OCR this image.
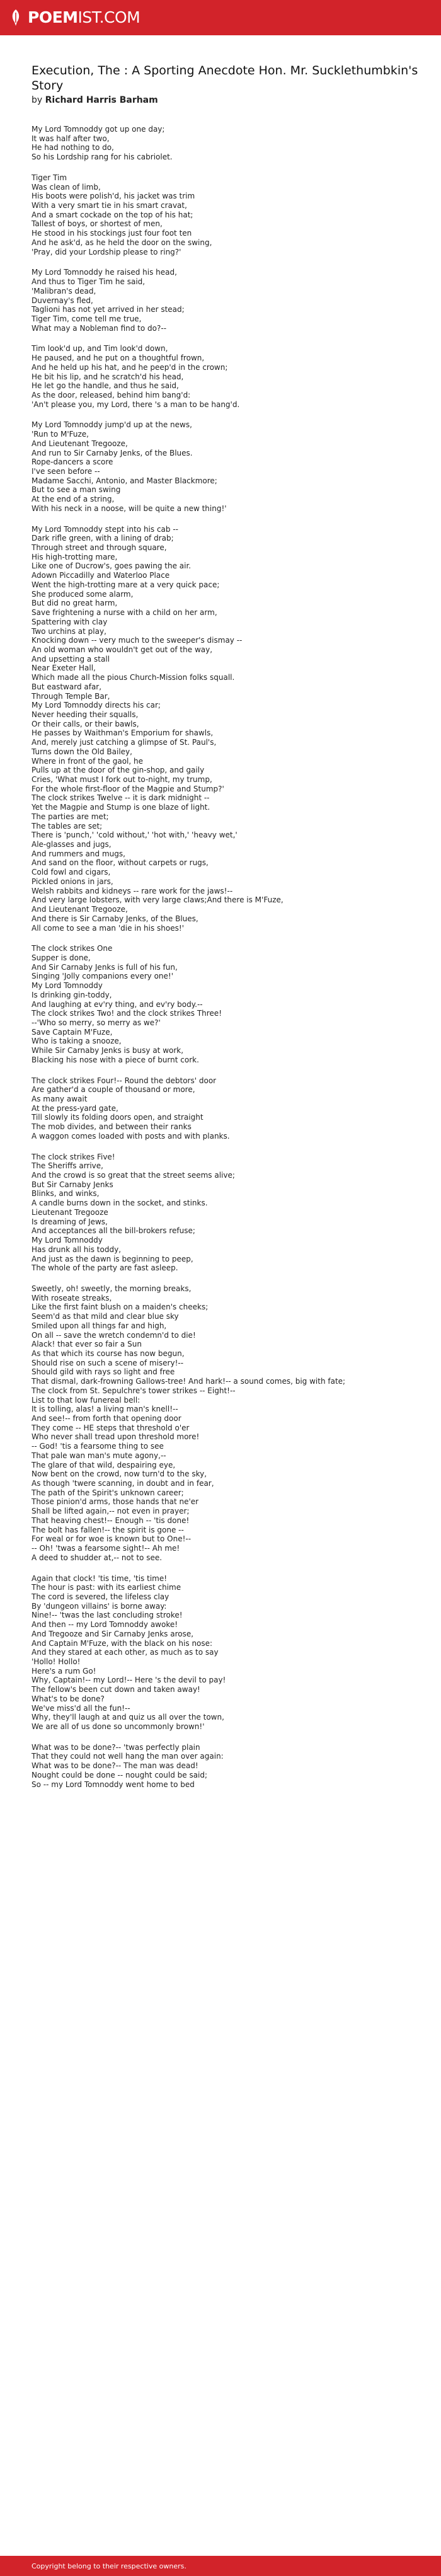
POEMIST.COM
Execution, The : A Sporting Anecdote Hon. Mr. Sucklethumbkin's Story
by Richard Harris Barham
My Lord Tomnoddy got up one day;
It was half after two,
He had nothing to do,
So his Lordship rang for his cabriolet.
Tiger Tim
Was clean of limb,
His boots were polish'd, his jacket was trim
With a very smart tie in his smart cravat,
And a smart cockade on the top of his hat;
Tallest of boys, or shortest of men,
He stood in his stockings just four foot ten
And he ask'd, as he held the door on the swing,
'Pray, did your Lordship please to ring?'
My Lord Tomnoddy he raised his head,
And thus to Tiger Tim he said,
'Malibran's dead,
Duvernay's fled,
Taglioni has not yet arrived in her stead;
Tiger Tim, come tell me true,
What may a Nobleman find to do?--
Tim look'd up, and Tim look'd down,
He paused, and he put on a thoughtful frown,
And he held up his hat, and he peep'd in the crown;
He bit his lip, and he scratch'd his head,
He let go the handle, and thus he said,
As the door, released, behind him bang'd:
'An't please you, my Lord, there 's a man to be hang'd.
My Lord Tomnoddy jump'd up at the news,
'Run to M'Fuze,
And Lieutenant Tregooze,
And run to Sir Carnaby Jenks, of the Blues.
Rope-dancers a score
I've seen before --
Madame Sacchi, Antonio, and Master Blackmore;
But to see a man swing
At the end of a string,
With his neck in a noose, will be quite a new thing!'
My Lord Tomnoddy stept into his cab --
Dark rifle green, with a lining of drab;
Through street and through square,
His high-trotting mare,
Like one of Ducrow's, goes pawing the air.
Adown Piccadilly and Waterloo Place
Went the high-trotting mare at a very quick pace;
She produced some alarm,
But did no great harm,
Save frightening a nurse with a child on her arm,
Spattering with clay
Two urchins at play,
Knocking down -- very much to the sweeper's dismay --
An old woman who wouldn't get out of the way,
And upsetting a stall
Near Exeter Hall,
Which made all the pious Church-Mission folks squall.
But eastward afar,
Through Temple Bar,
My Lord Tomnoddy directs his car;
Never heeding their squalls,
Or their calls, or their bawls,
He passes by Waithman's Emporium for shawls,
And, merely just catching a glimpse of St. Paul's,
Turns down the Old Bailey,
Where in front of the gaol, he
Pulls up at the door of the gin-shop, and gaily
Cries, 'What must I fork out to-night, my trump,
For the whole first-floor of the Magpie and Stump?'
The clock strikes Twelve -- it is dark midnight --
Yet the Magpie and Stump is one blaze of light.
The parties are met;
The tables are set;
There is 'punch,' 'cold without,' 'hot with,' 'heavy wet,'
Ale-glasses and jugs,
And rummers and mugs,
And sand on the floor, without carpets or rugs,
Cold fowl and cigars,
Pickled onions in jars,
Welsh rabbits and kidneys -- rare work for the jaws!--
And very large lobsters, with very large claws;And there is M'Fuze,
And Lieutenant Tregooze,
And there is Sir Carnaby Jenks, of the Blues,
All come to see a man 'die in his shoes!'
The clock strikes One
Supper is done,
And Sir Carnaby Jenks is full of his fun,
Singing 'Jolly companions every one!'
My Lord Tomnoddy
Is drinking gin-toddy,
And laughing at ev'ry thing, and ev'ry body.--
The clock strikes Two! and the clock strikes Three!
--'Who so merry, so merry as we?'
Save Captain M'Fuze,
Who is taking a snooze,
While Sir Carnaby Jenks is busy at work,
Blacking his nose with a piece of burnt cork.
The clock strikes Four!-- Round the debtors' door
Are gather'd a couple of thousand or more,
As many await
At the press-yard gate,
Till slowly its folding doors open, and straight
The mob divides, and between their ranks
A waggon comes loaded with posts and with planks.
The clock strikes Five!
The Sheriffs arrive,
And the crowd is so great that the street seems alive;
But Sir Carnaby Jenks
Blinks, and winks,
A candle burns down in the socket, and stinks.
Lieutenant Tregooze
Is dreaming of Jews,
And acceptances all the bill-brokers refuse;
My Lord Tomnoddy
Has drunk all his toddy,
And just as the dawn is beginning to peep,
The whole of the party are fast asleep.
Sweetly, oh! sweetly, the morning breaks,
With roseate streaks,
Like the first faint blush on a maiden's cheeks;
Seem'd as that mild and clear blue sky
Smiled upon all things far and high,
On all -- save the wretch condemn'd to die!
Alack! that ever so fair a Sun
As that which its course has now begun,
Should rise on such a scene of misery!--
Should gild with rays so light and free
That dismal, dark-frowning Gallows-tree! And hark!-- a sound comes, big with fate;
The clock from St. Sepulchre's tower strikes -- Eight!--
List to that low funereal bell:
It is tolling, alas! a living man's knell!--
And see!-- from forth that opening door
They come -- HE steps that threshold o'er
Who never shall tread upon threshold more!
-- God! 'tis a fearsome thing to see
That pale wan man's mute agony,--
The glare of that wild, despairing eye,
Now bent on the crowd, now turn'd to the sky,
As though 'twere scanning, in doubt and in fear,
The path of the Spirit's unknown career;
Those pinion'd arms, those hands that ne'er
Shall be lifted again,-- not even in prayer;
That heaving chest!-- Enough -- 'tis done!
The bolt has fallen!-- the spirit is gone --
For weal or for woe is known but to One!--
-- Oh! 'twas a fearsome sight!-- Ah me!
A deed to shudder at,-- not to see.
Again that clock! 'tis time, 'tis time!
The hour is past: with its earliest chime
The cord is severed, the lifeless clay
By 'dungeon villains' is borne away:
Nine!-- 'twas the last concluding stroke!
And then -- my Lord Tomnoddy awoke!
And Tregooze and Sir Carnaby Jenks arose,
And Captain M'Fuze, with the black on his nose:
And they stared at each other, as much as to say
'Hollo! Hollo!
Here's a rum Go!
Why, Captain!-- my Lord!-- Here 's the devil to pay!
The fellow's been cut down and taken away!
What's to be done?
We've miss'd all the fun!--
Why, they'll laugh at and quiz us all over the town,
We are all of us done so uncommonly brown!'
What was to be done?-- 'twas perfectly plain
That they could not well hang the man over again:
What was to be done?-- The man was dead!
Nought could be done -- nought could be said;
So -- my Lord Tomnoddy went home to bed
Copyright belong to their respective owners.
